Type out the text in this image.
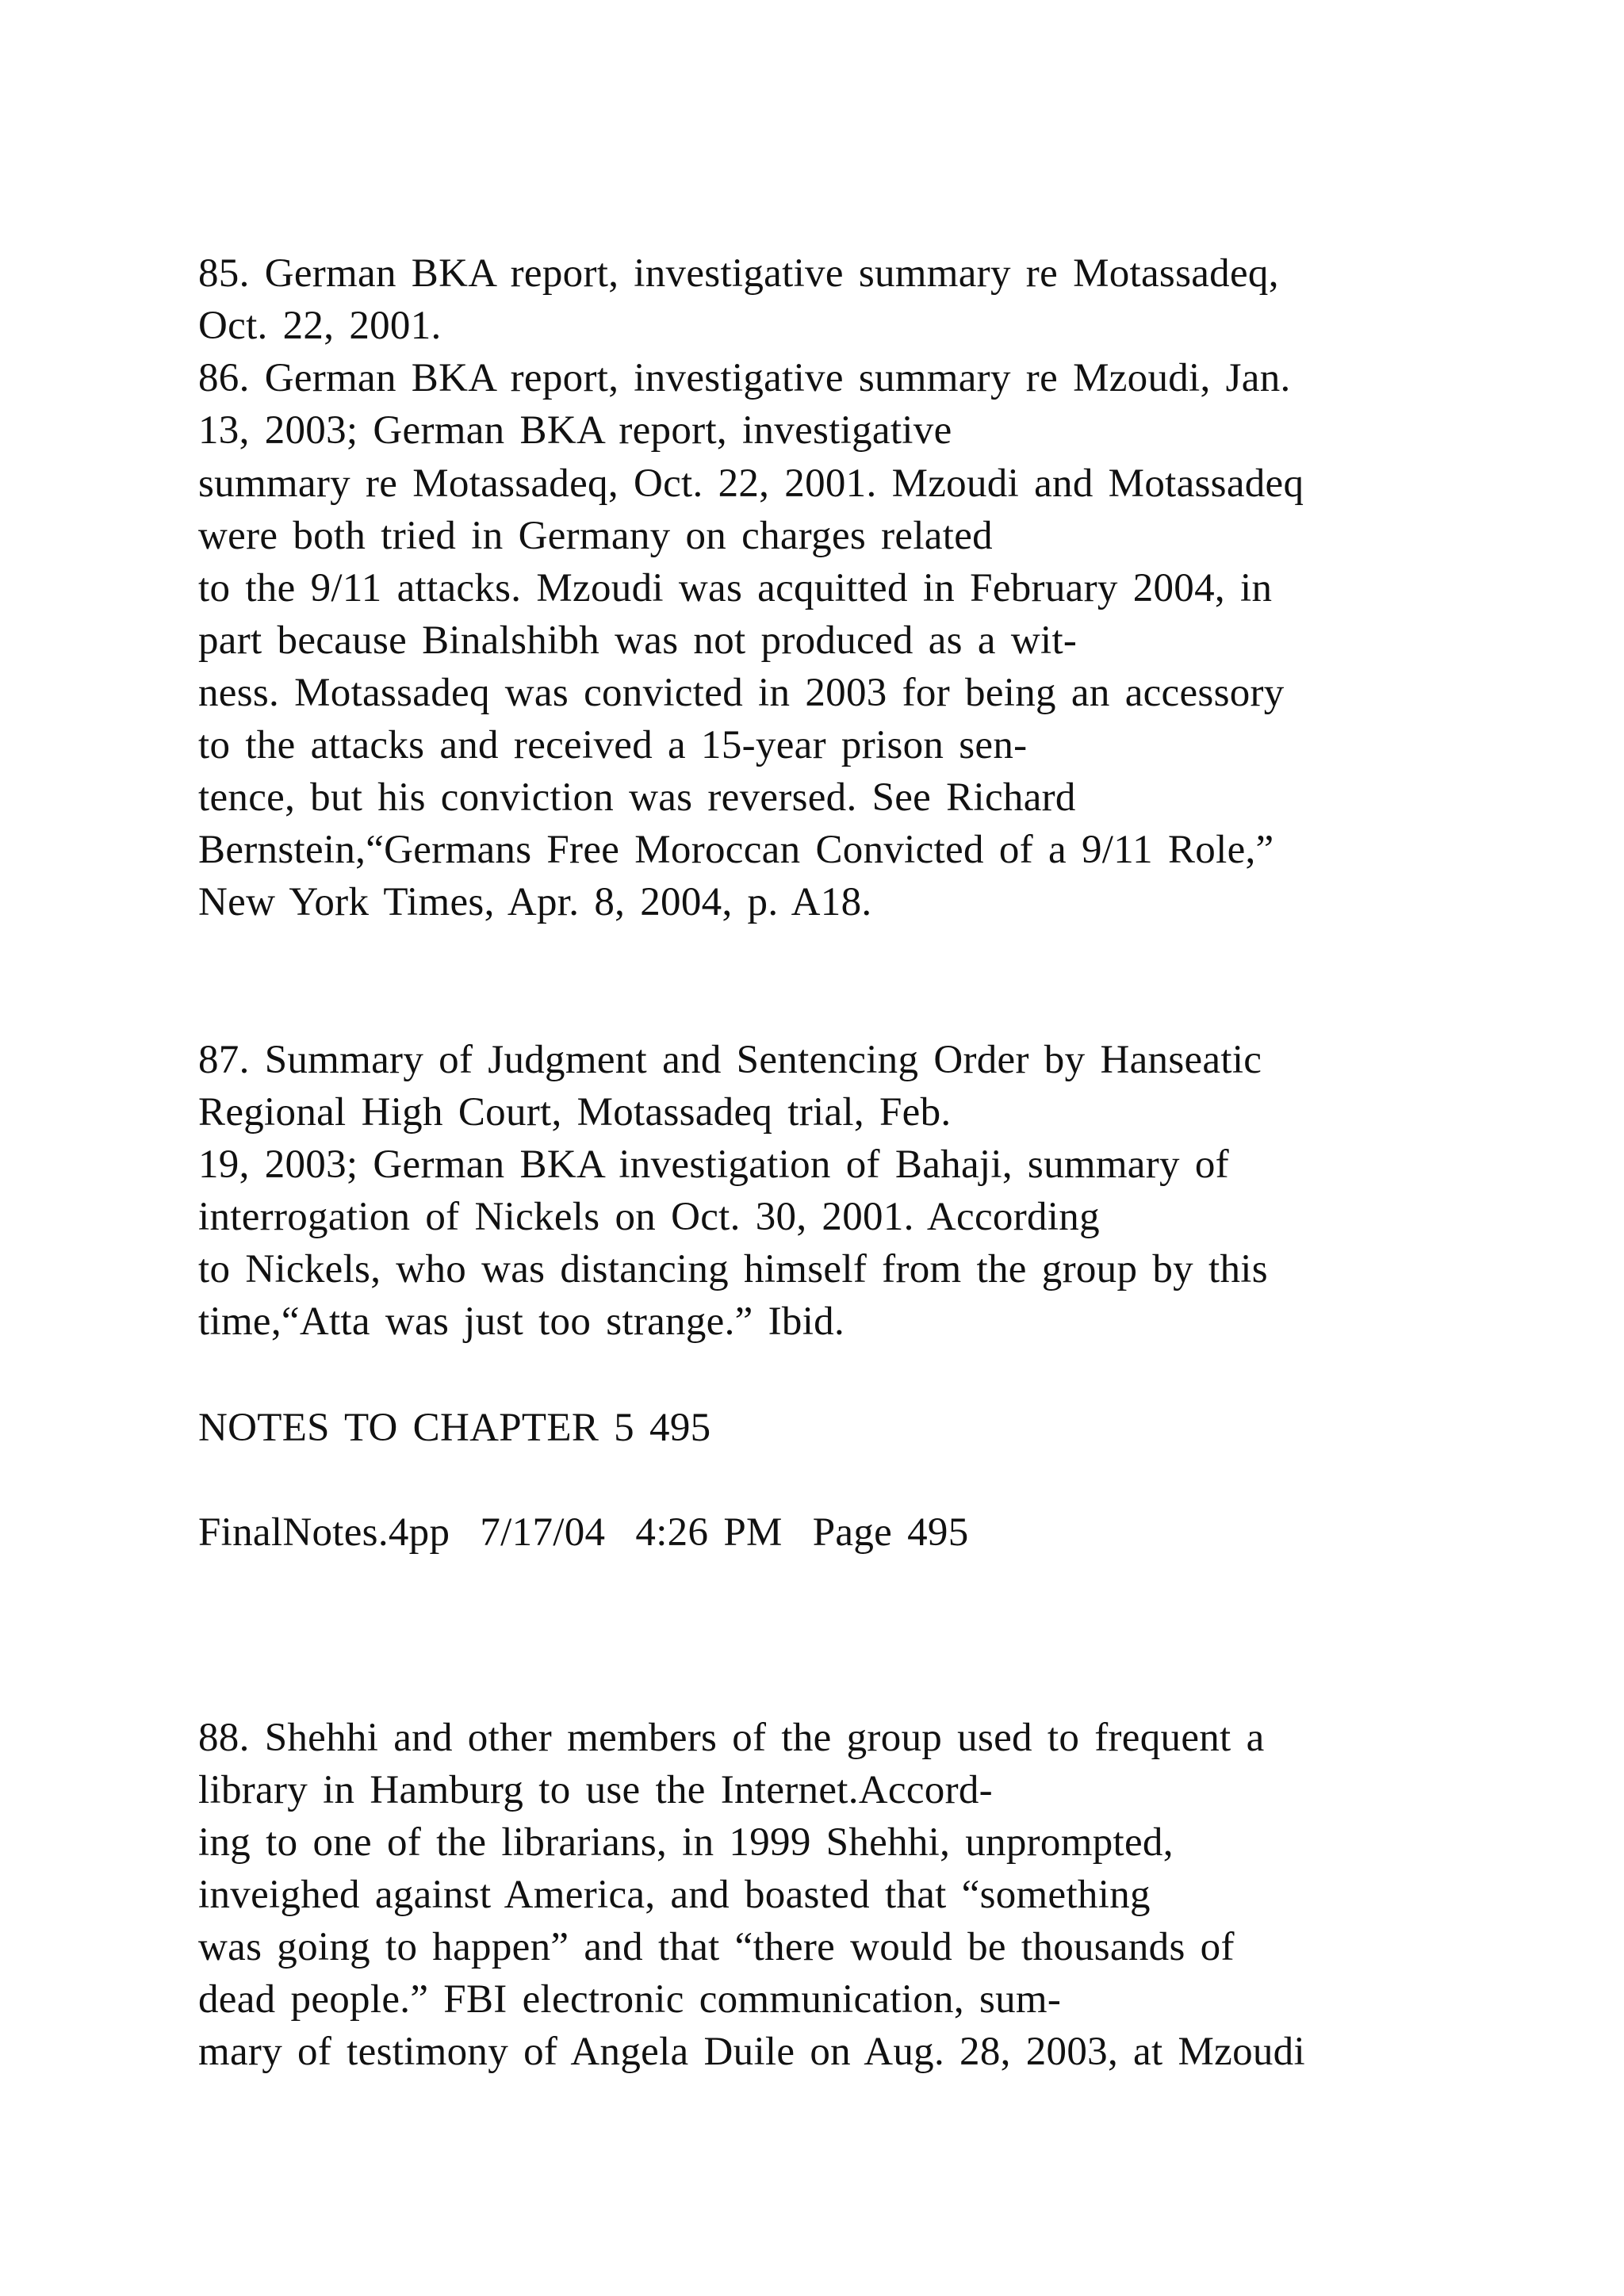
85. German BKA report, investigative summary re Motassadeq,
Oct. 22, 2001.
86. German BKA report, investigative summary re Mzoudi, Jan.
13, 2003; German BKA report, investigative
summary re Motassadeq, Oct. 22, 2001. Mzoudi and Motassadeq
were both tried in Germany on charges related
to the 9/11 attacks. Mzoudi was acquitted in February 2004, in
part because Binalshibh was not produced as a wit-
ness. Motassadeq was convicted in 2003 for being an accessory
to the attacks and received a 15-year prison sen-
tence, but his conviction was reversed. See Richard
Bernstein,“Germans Free Moroccan Convicted of a 9/11 Role,”
New York Times, Apr. 8, 2004, p. A18.
87. Summary of Judgment and Sentencing Order by Hanseatic
Regional High Court, Motassadeq trial, Feb.
19, 2003; German BKA investigation of Bahaji, summary of
interrogation of Nickels on Oct. 30, 2001. According
to Nickels, who was distancing himself from the group by this
time,“Atta was just too strange.” Ibid.
NOTES TO CHAPTER 5 495
FinalNotes.4pp  7/17/04  4:26 PM  Page 495
88. Shehhi and other members of the group used to frequent a
library in Hamburg to use the Internet.Accord-
ing to one of the librarians, in 1999 Shehhi, unprompted,
inveighed against America, and boasted that “something
was going to happen” and that “there would be thousands of
dead people.” FBI electronic communication, sum-
mary of testimony of Angela Duile on Aug. 28, 2003, at Mzoudi
